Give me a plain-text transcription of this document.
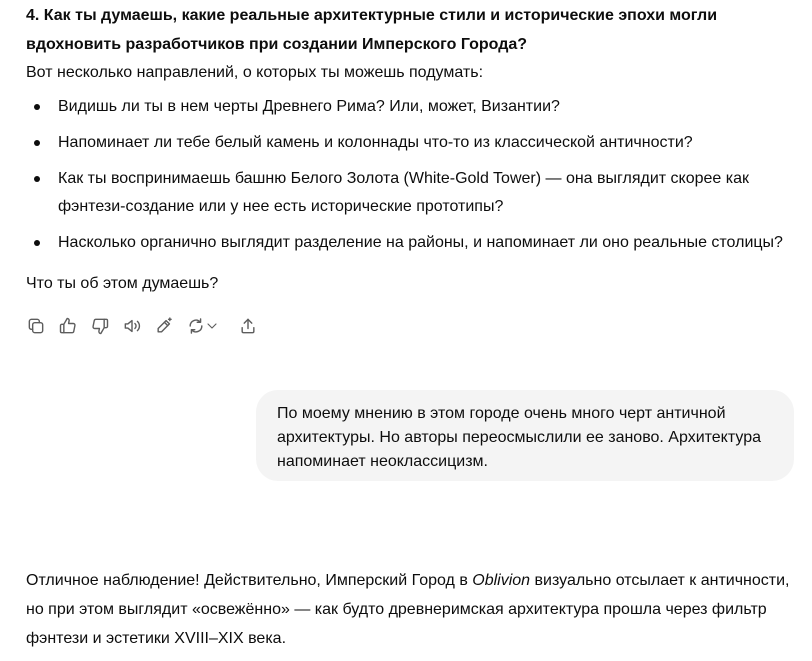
4. Как ты думаешь, какие реальные архитектурные стили и исторические эпохи могли вдохновить разработчиков при создании Имперского Города?

Вот несколько направлений, о которых ты можешь подумать:

Видишь ли ты в нем черты Древнего Рима? Или, может, Византии?
Напоминает ли тебе белый камень и колоннады что-то из классической античности?
Как ты воспринимаешь башню Белого Золота (White-Gold Tower) — она выглядит скорее как фэнтези-создание или у нее есть исторические прототипы?
Насколько органично выглядит разделение на районы, и напоминает ли оно реальные столицы?

Что ты об этом думаешь?

По моему мнению в этом городе очень много черт античной архитектуры. Но авторы переосмыслили ее заново. Архитектура напоминает неоклассицизм.

Отличное наблюдение! Действительно, Имперский Город в Oblivion визуально отсылает к античности, но при этом выглядит «освежённо» — как будто древнеримская архитектура прошла через фильтр фэнтези и эстетики XVIII–XIX века.
